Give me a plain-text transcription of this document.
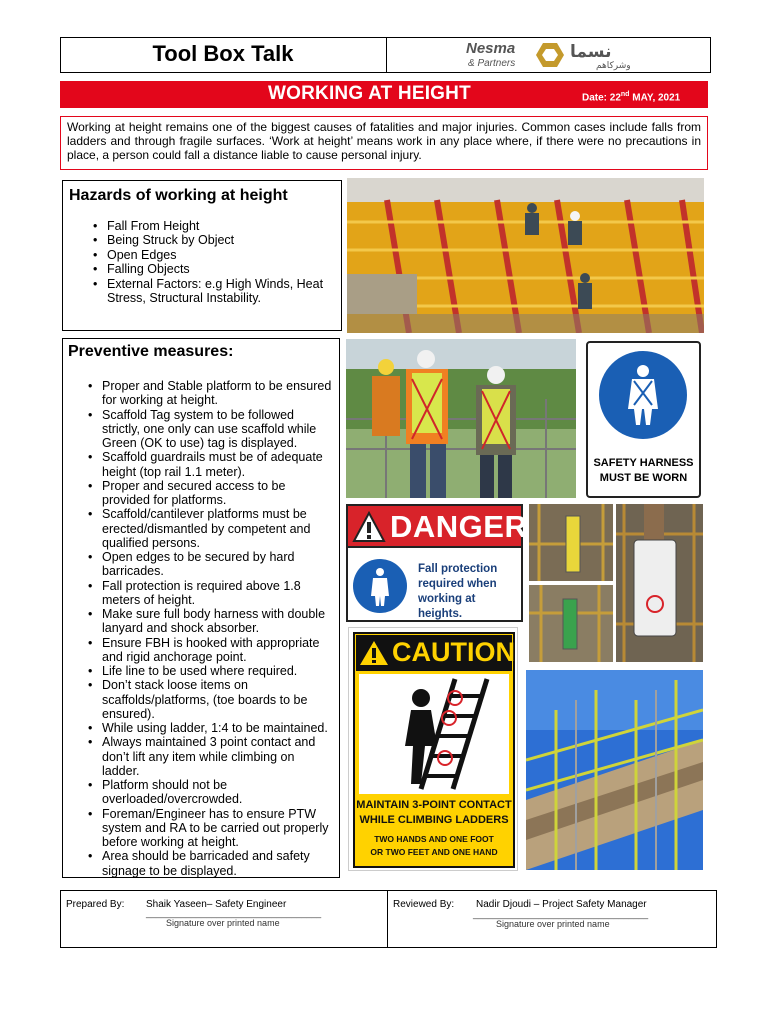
Tool Box Talk	Nesma
& Partners
نسما
وشركاهم
WORKING AT HEIGHT	Date: 22nd MAY, 2021
Working at height remains one of the biggest causes of fatalities and major injuries. Common cases include falls from ladders and through fragile surfaces. ‘Work at height’ means work in any place where, if there were no precautions in place, a person could fall a distance liable to cause personal injury.
Hazards of working at height
• Fall From Height
• Being Struck by Object
• Open Edges
• Falling Objects
• External Factors: e.g High Winds, Heat Stress, Structural Instability.
Preventive measures:
• Proper and Stable platform to be ensured for working at height.
• Scaffold Tag system to be followed strictly, one only can use scaffold while Green (OK to use) tag is displayed.
• Scaffold guardrails must be of adequate height (top rail 1.1 meter).
• Proper and secured access to be provided for platforms.
• Scaffold/cantilever platforms must be erected/dismantled by competent and qualified persons.
• Open edges to be secured by hard barricades.
• Fall protection is required above 1.8 meters of height.
• Make sure full body harness with double lanyard and shock absorber.
• Ensure FBH is hooked with appropriate and rigid anchorage point.
• Life line to be used where required.
• Don’t stack loose items on scaffolds/platforms, (toe boards to be ensured).
• While using ladder, 1:4 to be maintained.
• Always maintained 3 point contact and don’t lift any item while climbing on ladder.
• Platform should not be overloaded/overcrowded.
• Foreman/Engineer has to ensure PTW system and RA to be carried out properly before working at height.
• Area should be barricaded and safety signage to be displayed.
SAFETY HARNESS
MUST BE WORN
DANGER
Fall protection
required when
working at heights.
CAUTION
MAINTAIN 3-POINT CONTACT
WHILE CLIMBING LADDERS
TWO HANDS AND ONE FOOT
OR TWO FEET AND ONE HAND
Prepared By: Shaik Yaseen– Safety Engineer
___________________________________
Signature over printed name
Reviewed By: Nadir Djoudi – Project Safety Manager
___________________________________
Signature over printed name
